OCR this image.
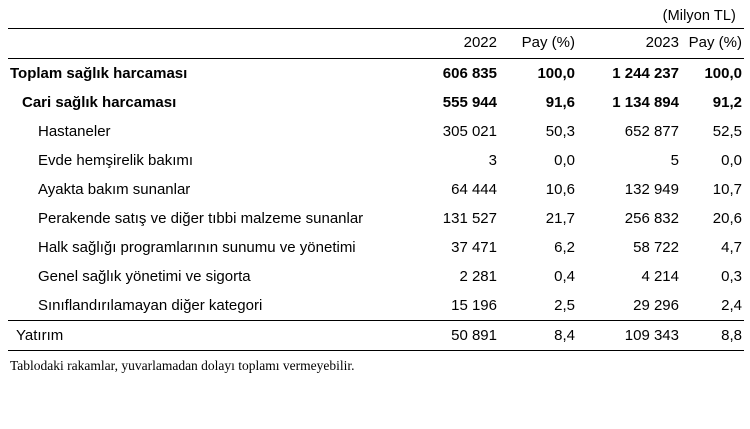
(Milyon TL)
	2022	Pay (%)	2023	Pay (%)
Toplam sağlık harcaması	606 835	100,0	1 244 237	100,0
Cari sağlık harcaması	555 944	91,6	1 134 894	91,2
Hastaneler	305 021	50,3	652 877	52,5
Evde hemşirelik bakımı	3	0,0	5	0,0
Ayakta bakım sunanlar	64 444	10,6	132 949	10,7
Perakende satış ve diğer tıbbi malzeme sunanlar	131 527	21,7	256 832	20,6
Halk sağlığı programlarının sunumu ve yönetimi	37 471	6,2	58 722	4,7
Genel sağlık yönetimi ve sigorta	2 281	0,4	4 214	0,3
Sınıflandırılamayan diğer kategori	15 196	2,5	29 296	2,4
Yatırım	50 891	8,4	109 343	8,8
Tablodaki rakamlar, yuvarlamadan dolayı toplamı vermeyebilir.
